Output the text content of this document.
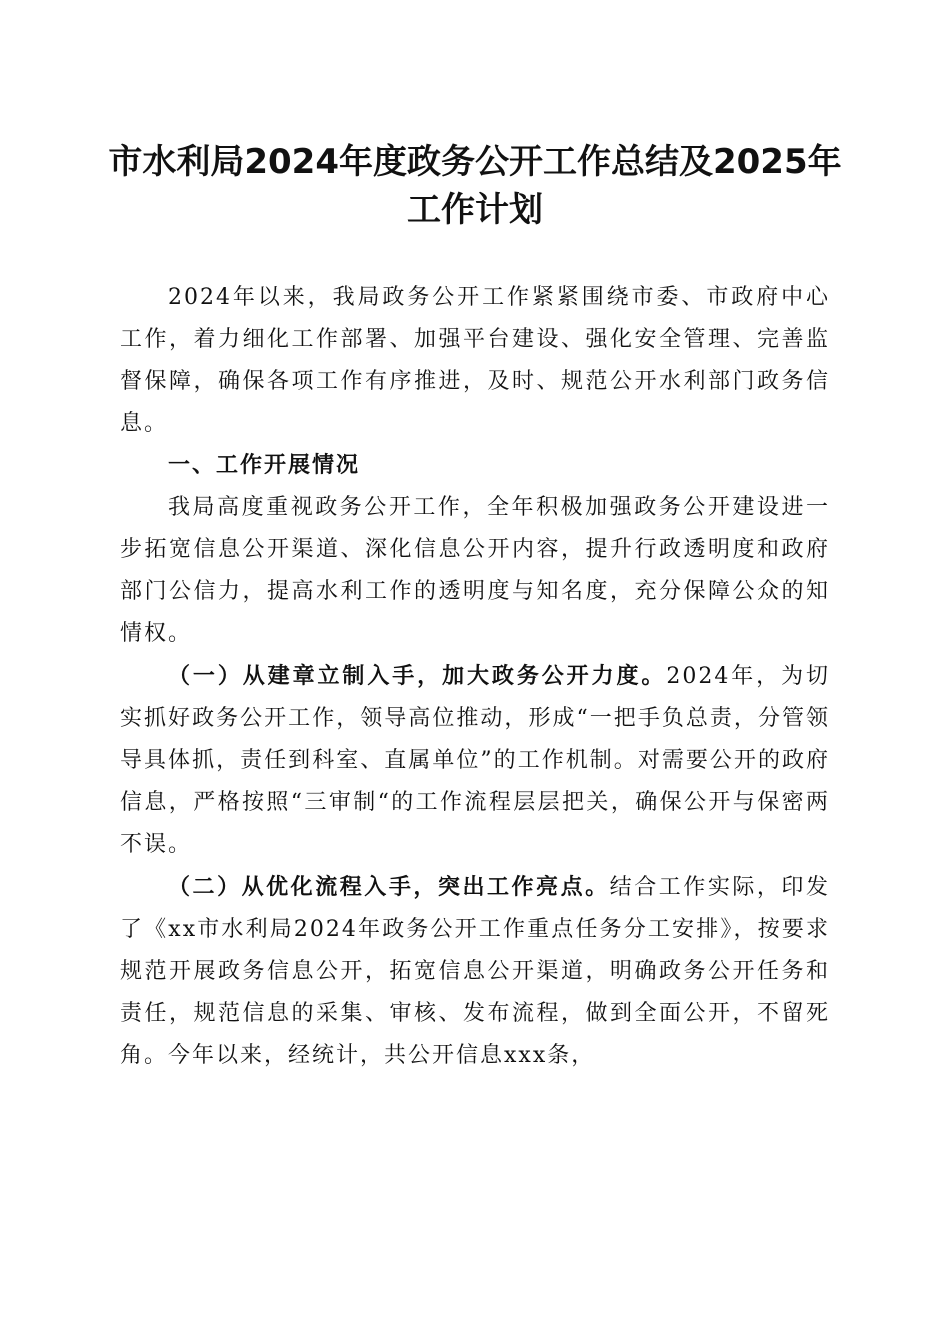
市水利局2024年度政务公开工作总结及2025年工作计划

2024年以来，我局政务公开工作紧紧围绕市委、市政府中心工作，着力细化工作部署、加强平台建设、强化安全管理、完善监督保障，确保各项工作有序推进，及时、规范公开水利部门政务信息。

一、工作开展情况

我局高度重视政务公开工作，全年积极加强政务公开建设进一步拓宽信息公开渠道、深化信息公开内容，提升行政透明度和政府部门公信力，提高水利工作的透明度与知名度，充分保障公众的知情权。

（一）从建章立制入手，加大政务公开力度。2024年，为切实抓好政务公开工作，领导高位推动，形成“一把手负总责，分管领导具体抓，责任到科室、直属单位”的工作机制。对需要公开的政府信息，严格按照“三审制“的工作流程层层把关，确保公开与保密两不误。

（二）从优化流程入手，突出工作亮点。结合工作实际，印发了《xx市水利局2024年政务公开工作重点任务分工安排》，按要求规范开展政务信息公开，拓宽信息公开渠道，明确政务公开任务和责任，规范信息的采集、审核、发布流程，做到全面公开，不留死角。今年以来，经统计，共公开信息xxx条，
